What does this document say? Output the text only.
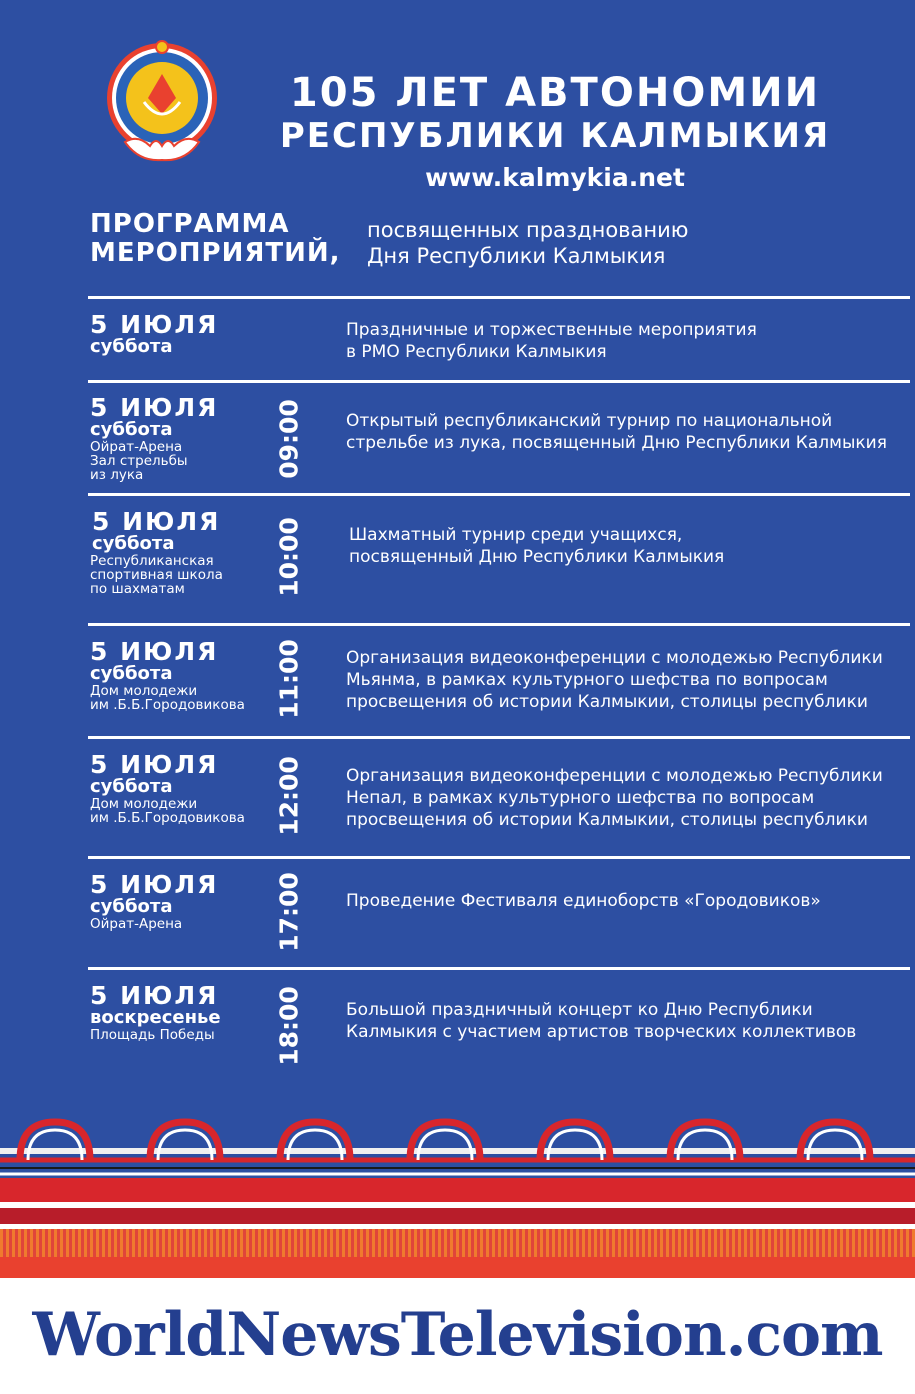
105 ЛЕТ АВТОНОМИИ
РЕСПУБЛИКИ КАЛМЫКИЯ
www.kalmykia.net
ПРОГРАММА
МЕРОПРИЯТИЙ,
посвященных празднованию
Дня Республики Калмыкия
5 ИЮЛЯ
суббота
Праздничные и торжественные мероприятия
в РМО Республики Калмыкия
5 ИЮЛЯ
суббота
Ойрат-Арена
Зал стрельбы
из лука	09:00	Открытый республиканский турнир по национальной
стрельбе из лука, посвященный Дню Республики Калмыкия
5 ИЮЛЯ
суббота
Республиканская
спортивная школа
по шахматам	10:00	Шахматный турнир среди учащихся,
посвященный Дню Республики Калмыкия
5 ИЮЛЯ
суббота
Дом молодежи
им .Б.Б.Городовикова 11:00	Организация видеоконференции с молодежью Республики
Мьянма, в рамках культурного шефства по вопросам
просвещения об истории Калмыкии, столицы республики
5 ИЮЛЯ
суббота
Дом молодежи
им .Б.Б.Городовикова 12:00	Организация видеоконференции с молодежью Республики
Непал, в рамках культурного шефства по вопросам
просвещения об истории Калмыкии, столицы республики
5 ИЮЛЯ
суббота
Ойрат-Арена	17:00	Проведение Фестиваля единоборств «Городовиков»
5 ИЮЛЯ
воскресенье
Площадь Победы 18:00	Большой праздничный концерт ко Дню Республики
Калмыкия с участием артистов творческих коллективов
WorldNewsTelevision.com
